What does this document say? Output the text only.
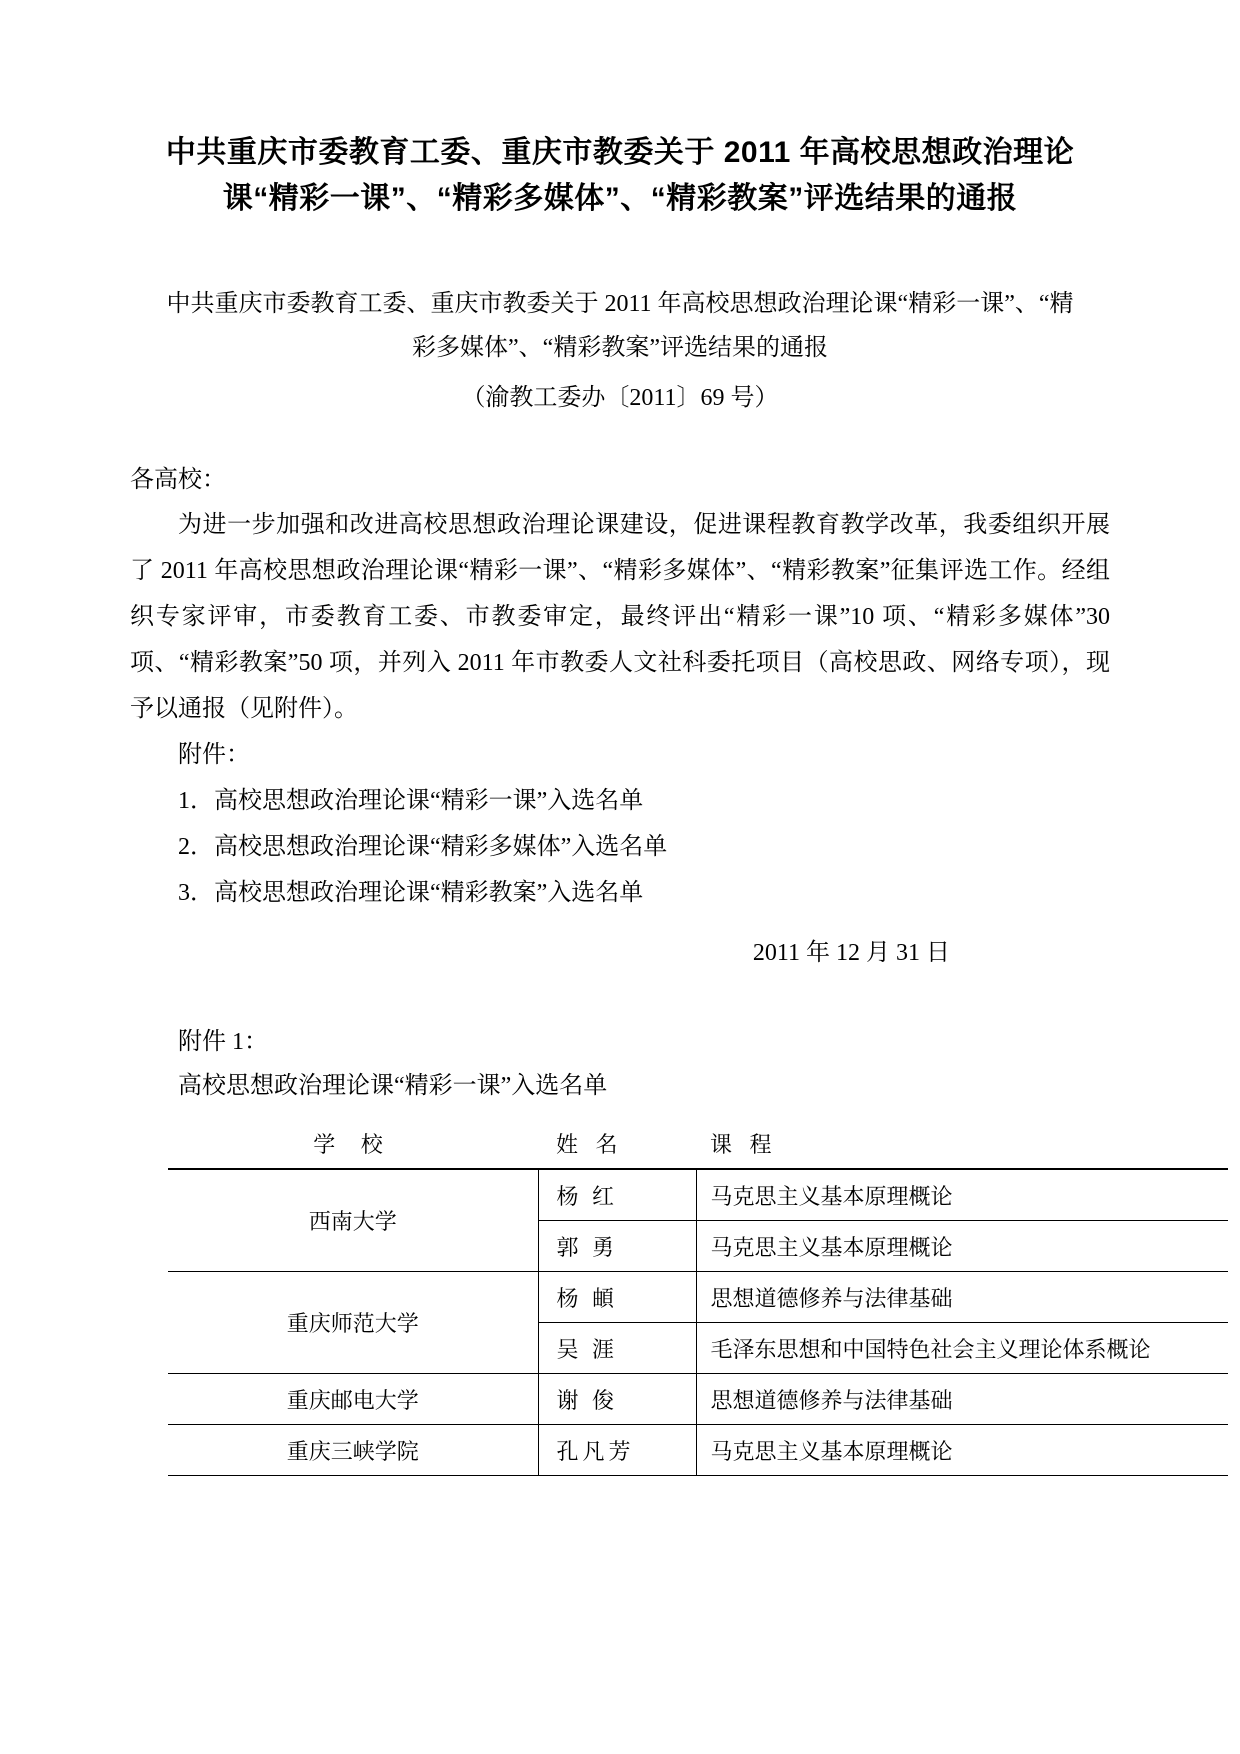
中共重庆市委教育工委、重庆市教委关于 2011 年高校思想政治理论课“精彩一课”、“精彩多媒体”、“精彩教案”评选结果的通报
中共重庆市委教育工委、重庆市教委关于 2011 年高校思想政治理论课“精彩一课”、“精彩多媒体”、“精彩教案”评选结果的通报
（渝教工委办〔2011〕69 号）
各高校：
为进一步加强和改进高校思想政治理论课建设，促进课程教育教学改革，我委组织开展了 2011 年高校思想政治理论课“精彩一课”、“精彩多媒体”、“精彩教案”征集评选工作。经组织专家评审，市委教育工委、市教委审定，最终评出“精彩一课”10 项、“精彩多媒体”30 项、“精彩教案”50 项，并列入 2011 年市教委人文社科委托项目（高校思政、网络专项），现予以通报（见附件）。
附件：
1．高校思想政治理论课“精彩一课”入选名单
2．高校思想政治理论课“精彩多媒体”入选名单
3．高校思想政治理论课“精彩教案”入选名单
2011 年 12 月 31 日
附件 1：
高校思想政治理论课“精彩一课”入选名单
学 校	姓 名	课 程
西南大学	杨 红	马克思主义基本原理概论
	郭 勇	马克思主义基本原理概论
重庆师范大学	杨 頔	思想道德修养与法律基础
	吴 涯	毛泽东思想和中国特色社会主义理论体系概论
重庆邮电大学	谢 俊	思想道德修养与法律基础
重庆三峡学院	孔凡芳	马克思主义基本原理概论
